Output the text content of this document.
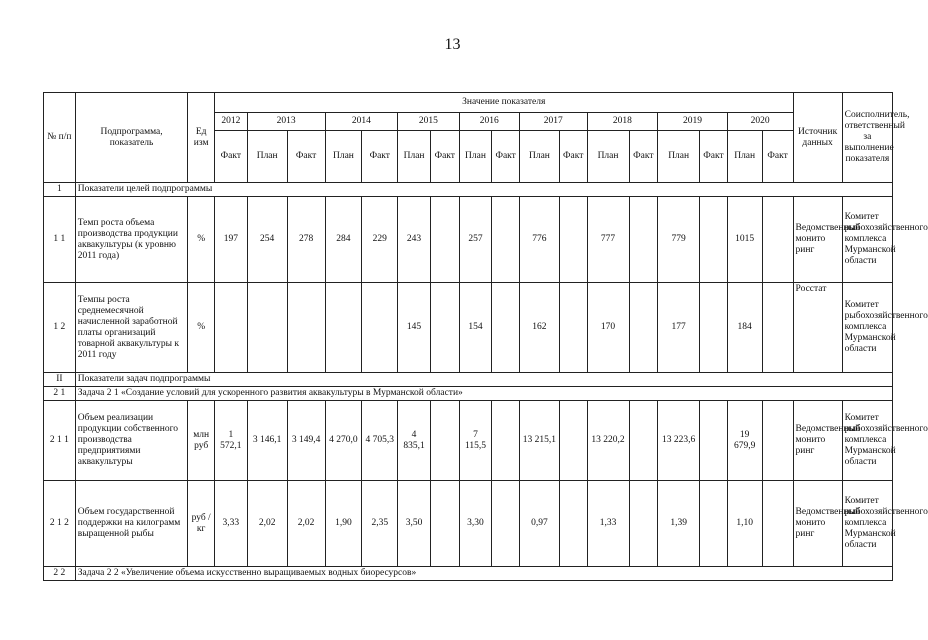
13
№ п/п	Подпрограмма, показатель	Ед изм	Значение показателя																	Источник данных	Соисполнитель, ответственный за выполнение показателя
			2012	2013		2014		2015		2016		2017		2018		2019		2020			
			Факт	План	Факт	План	Факт	План	Факт	План	Факт	План	Факт	План	Факт	План	Факт	План	Факт		
1	Показатели целей подпрограммы																				
1 1	Темп роста объема производства продукции аквакультуры (к уровню 2011 года)	%	197	254	278	284	229	243		257		776		777		779		1015		Ведомственный монито ринг	Комитет рыбохозяйственного комплекса Мурманской области
1 2	Темпы роста среднемесячной начисленной заработной платы организаций товарной аквакультуры к 2011 году	%						145		154		162		170		177		184		Росстат	Комитет рыбохозяйственного комплекса Мурманской области
II	Показатели задач подпрограммы																				
2 1	Задача 2 1 «Создание условий для ускоренного развития аквакультуры в Мурманской области»																				
2 1 1	Объем реализации продукции собственного производства предприятиями аквакультуры	млн руб	1 572,1	3 146,1	3 149,4	4 270,0	4 705,3	4 835,1		7 115,5		13 215,1		13 220,2		13 223,6		19 679,9		Ведомственный монито ринг	Комитет рыбохозяйственного комплекса Мурманской области
2 1 2	Объем государственной поддержки на килограмм выращенной рыбы	руб / кг	3,33	2,02	2,02	1,90	2,35	3,50		3,30		0,97		1,33		1,39		1,10		Ведомственный монито ринг	Комитет рыбохозяйственного комплекса Мурманской области
2 2	Задача 2 2 «Увеличение объема искусственно выращиваемых водных биоресурсов»																				
